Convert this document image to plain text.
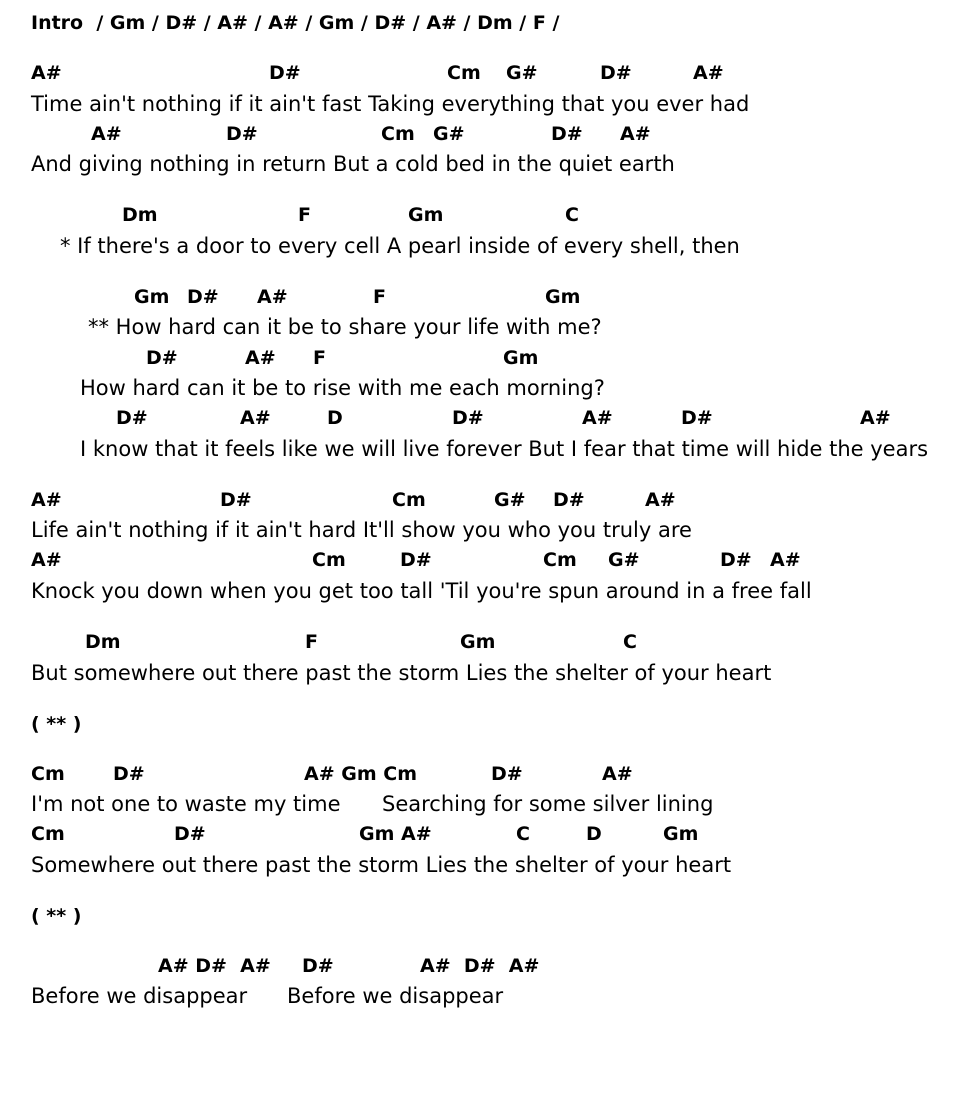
Intro  / Gm / D# / A# / A# / Gm / D# / A# / Dm / F /
A#	D#	Cm G#	D#	A#
Time ain't nothing if it ain't fast Taking everything that you ever had
A#	D#	Cm G#	D# A#
And giving nothing in return But a cold bed in the quiet earth
Dm	F	Gm	C
* If there's a door to every cell A pearl inside of every shell, then
Gm D# A#	F	Gm
** How hard can it be to share your life with me?
D#	A# F	Gm
How hard can it be to rise with me each morning?
D#	A#	D	D#	A#	D#	A#
I know that it feels like we will live forever But I fear that time will hide the years
A#	D#	Cm	G# D#	A#
Life ain't nothing if it ain't hard It'll show you who you truly are
A#	Cm	D#	Cm G#	D# A#
Knock you down when you get too tall 'Til you're spun around in a free fall
Dm	F	Gm	C
But somewhere out there past the storm Lies the shelter of your heart
( ** )
Cm	D#	A# Gm Cm	D#	A#
I'm not one to waste my time Searching for some silver lining
Cm	D#	Gm A#	C	D	Gm
Somewhere out there past the storm Lies the shelter of your heart
( ** )
A# D#  A# D#	A#  D#  A#
Before we disappear Before we disappear
